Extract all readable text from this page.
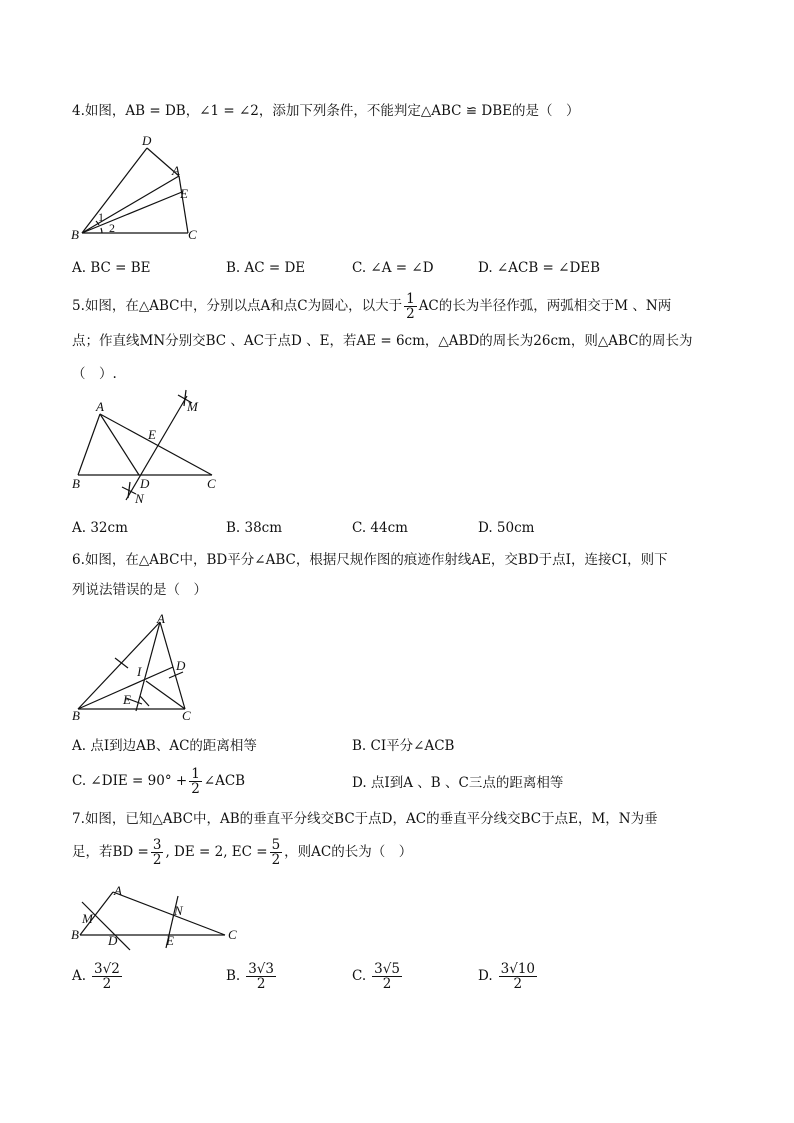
4.如图，AB = DB，∠1 = ∠2，添加下列条件，不能判定△ABC ≌ DBE的是（　）
D
A
E
B	C
1
2
A. BC = BE	B. AC = DE	C. ∠A = ∠D	D. ∠ACB = ∠DEB
5.如图，在△ABC中，分别以点A和点C为圆心，以大于 $\frac{1}{2}$ AC的长为半径作弧，两弧相交于M 、N两
点；作直线MN分别交BC 、AC于点D 、E，若AE = 6cm，△ABD的周长为26cm，则△ABC的周长为
（　）.
A	M
E
B	D	C
N
A. 32cm	B. 38cm	C. 44cm	D. 50cm
6.如图，在△ABC中，BD平分∠ABC，根据尺规作图的痕迹作射线AE，交BD于点I，连接CI，则下
列说法错误的是（　）
A
I	D
E
B	C
A. 点I到边AB、AC的距离相等	B. CI平分∠ACB
C. ∠DIE = $90^\circ + \frac{1}{2}$ ∠ACB	D. 点I到A 、B 、C三点的距离相等
7.如图，已知△ABC中，AB的垂直平分线交BC于点D，AC的垂直平分线交BC于点E，M，N为垂
足，若BD = $\frac{3}{2}$ , DE = 2, EC = $\frac{5}{2}$ ，则AC的长为（　）
A
M
N
B D	E	C
A. $\frac{3√2}{2}$	B. $\frac{3√3}{2}$	C. $\frac{3√5}{2}$	D. $\frac{3√10}{2}$
